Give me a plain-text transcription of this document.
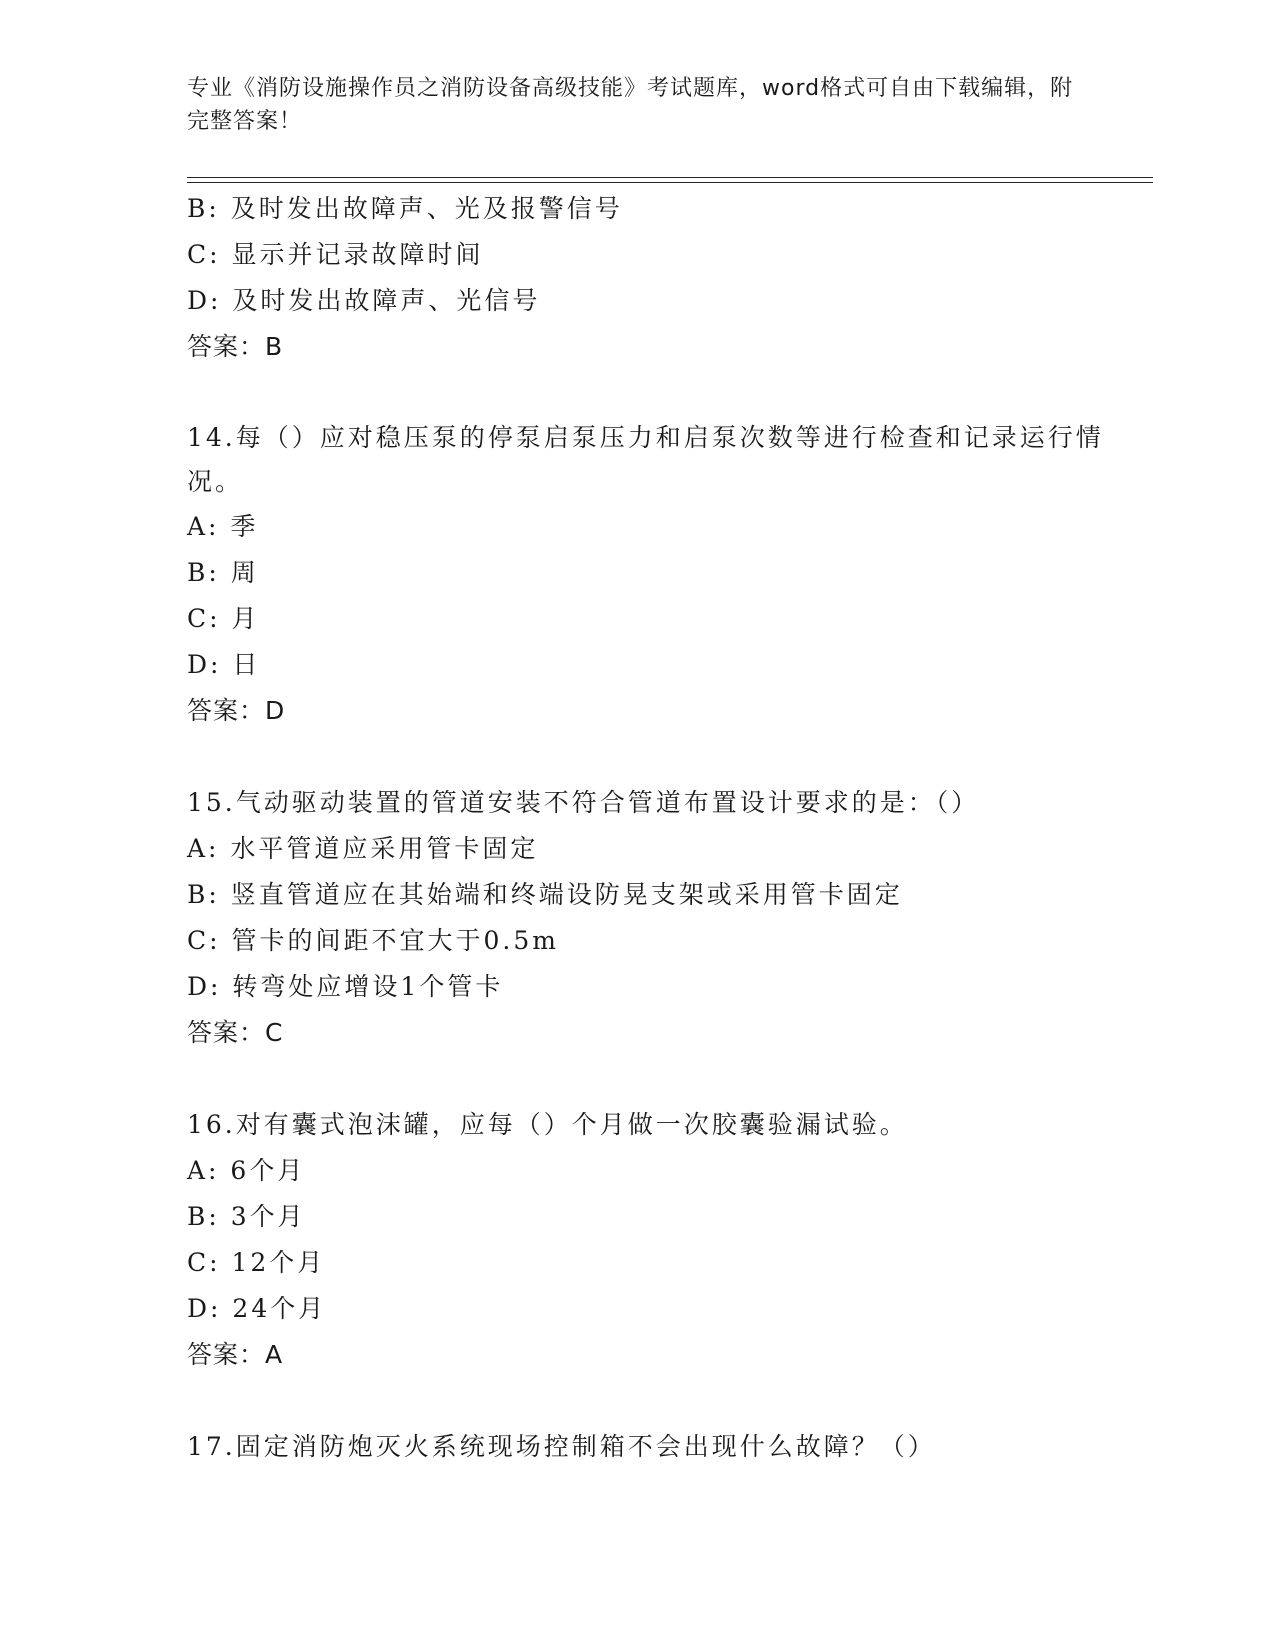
专业《消防设施操作员之消防设备高级技能》考试题库，word格式可自由下载编辑，附完整答案！
B: 及时发出故障声、光及报警信号
C: 显示并记录故障时间
D: 及时发出故障声、光信号
答案：B
14.每（）应对稳压泵的停泵启泵压力和启泵次数等进行检查和记录运行情况。
A: 季
B: 周
C: 月
D: 日
答案：D
15.气动驱动装置的管道安装不符合管道布置设计要求的是：（）
A: 水平管道应采用管卡固定
B: 竖直管道应在其始端和终端设防晃支架或采用管卡固定
C: 管卡的间距不宜大于0.5m
D: 转弯处应增设1个管卡
答案：C
16.对有囊式泡沫罐，应每（）个月做一次胶囊验漏试验。
A: 6个月
B: 3个月
C: 12个月
D: 24个月
答案：A
17.固定消防炮灭火系统现场控制箱不会出现什么故障？（）
